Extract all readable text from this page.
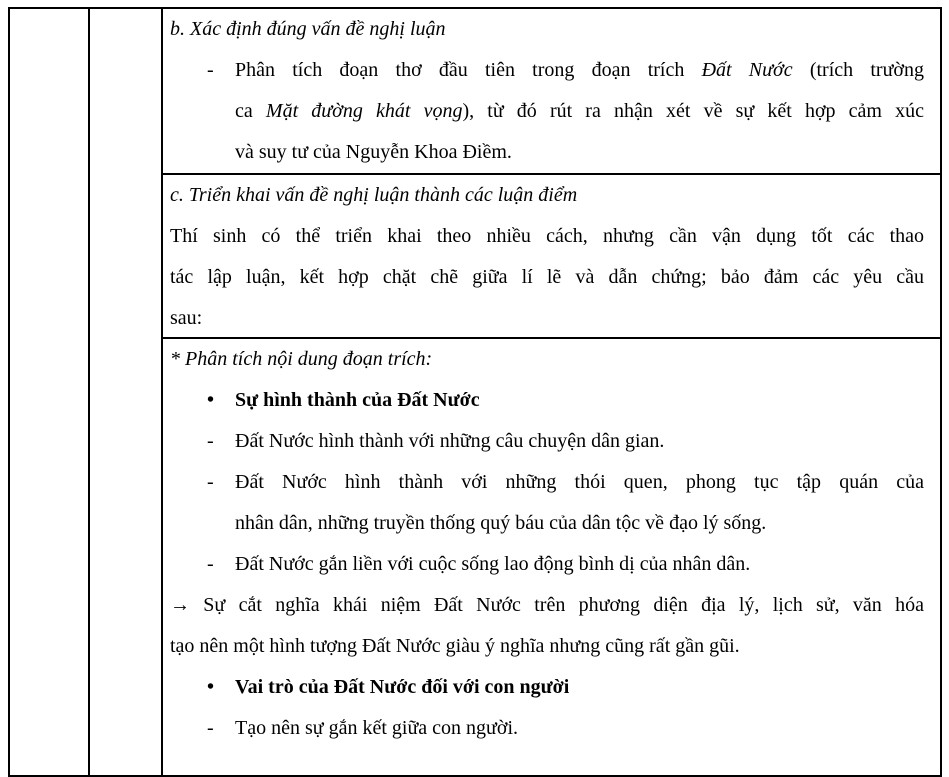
b. Xác định đúng vấn đề nghị luận
- Phân tích đoạn thơ đầu tiên trong đoạn trích Đất Nước (trích trường
ca Mặt đường khát vọng), từ đó rút ra nhận xét về sự kết hợp cảm xúc
và suy tư của Nguyễn Khoa Điềm.
c. Triển khai vấn đề nghị luận thành các luận điểm
Thí sinh có thể triển khai theo nhiều cách, nhưng cần vận dụng tốt các thao
tác lập luận, kết hợp chặt chẽ giữa lí lẽ và dẫn chứng; bảo đảm các yêu cầu
sau:
* Phân tích nội dung đoạn trích:
• Sự hình thành của Đất Nước
- Đất Nước hình thành với những câu chuyện dân gian.
- Đất Nước hình thành với những thói quen, phong tục tập quán của
nhân dân, những truyền thống quý báu của dân tộc về đạo lý sống.
- Đất Nước gắn liền với cuộc sống lao động bình dị của nhân dân.
→ Sự cắt nghĩa khái niệm Đất Nước trên phương diện địa lý, lịch sử, văn hóa
tạo nên một hình tượng Đất Nước giàu ý nghĩa nhưng cũng rất gần gũi.
• Vai trò của Đất Nước đối với con người
- Tạo nên sự gắn kết giữa con người.
